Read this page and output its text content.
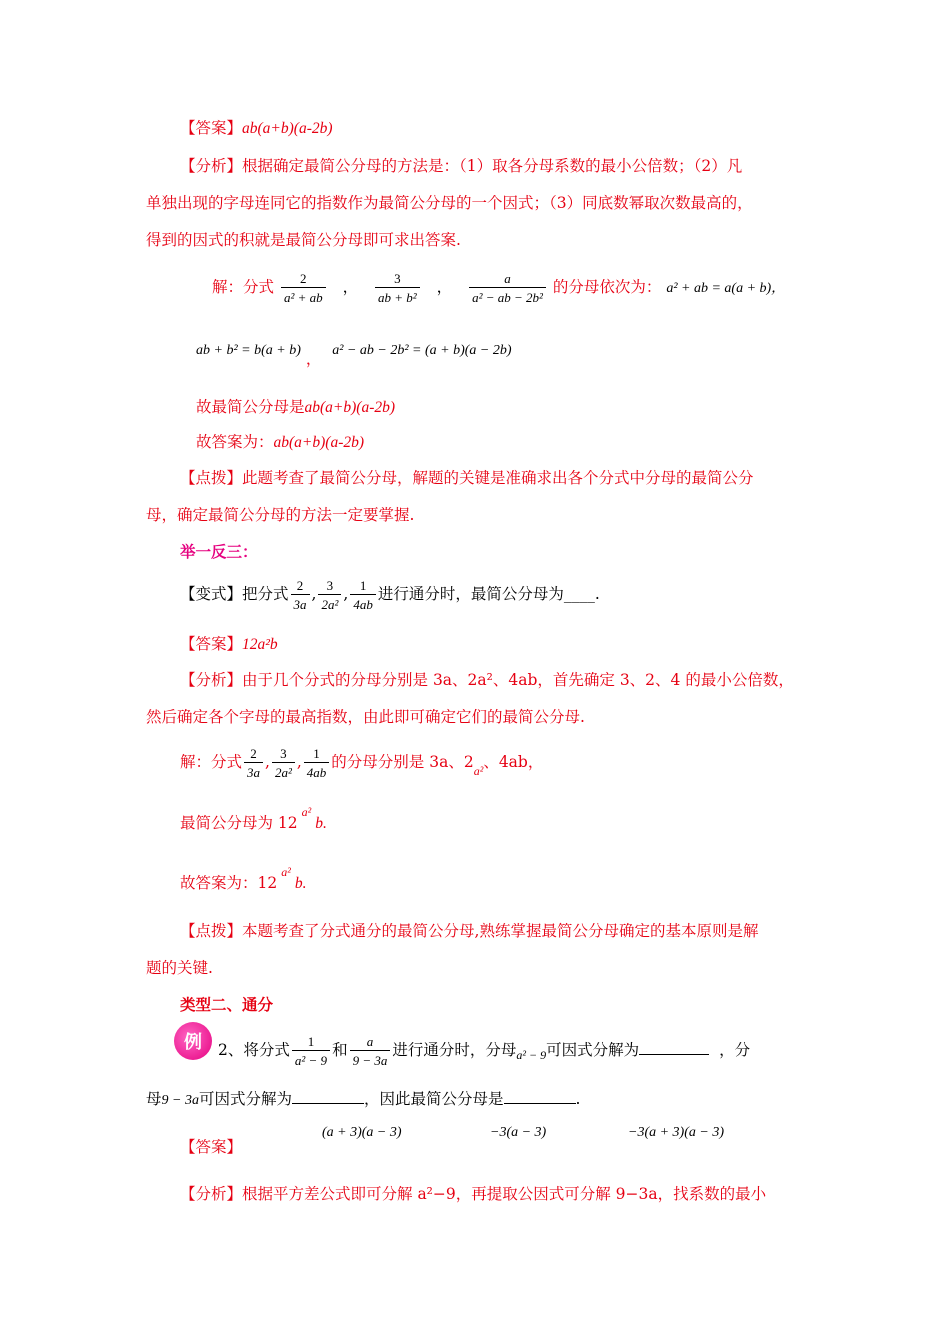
【答案】ab(a+b)(a-2b)
【分析】根据确定最简公分母的方法是：（1）取各分母系数的最小公倍数；（2）凡
单独出现的字母连同它的指数作为最简公分母的一个因式；（3）同底数幂取次数最高的，
得到的因式的积就是最简公分母即可求出答案.
解：分式 $\frac{2}{\text{a² + ab}}$ ， $\frac{3}{\text{ab + b²}}$ ， $\frac{a}{\text{a² − ab − 2b²}}$ 的分母依次为： a² + ab = a(a + b)，
ab + b² = b(a + b) ， a² − ab − 2b² = (a + b)(a − 2b)
故最简公分母是ab(a+b)(a-2b)
故答案为：ab(a+b)(a-2b)
【点拨】此题考查了最简公分母，解题的关键是准确求出各个分式中分母的最简公分
母，确定最简公分母的方法一定要掌握.
举一反三：
【变式】把分式 $\frac{2}{3a}$ , $\frac{3}{\text{2a²}}$ , $\frac{1}{4ab}$ 进行通分时，最简公分母为____.
【答案】12a²b
【分析】由于几个分式的分母分别是 3a、2a²、4ab，首先确定 3、2、4 的最小公倍数，
然后确定各个字母的最高指数，由此即可确定它们的最简公分母.
解：分式 $\frac{2}{3a}$ , $\frac{3}{\text{2a²}}$ , $\frac{1}{4ab}$ 的分母分别是 3a、$2_{a^2}$、4ab，
最简公分母为 $12^{a^2}b$.
故答案为：$12^{a^2}b$.
【点拨】本题考查了分式通分的最简公分母,熟练掌握最简公分母确定的基本原则是解
题的关键.
类型二、通分
例	2、将分式 $\frac{1}{\text{a² − 9}}$ 和 $\frac{a}{9 - 3a}$ 进行通分时，分母$_{a^2 - 9}$可因式分解为	，分
母9 − 3a可因式分解为	，因此最简公分母是	.
(a + 3)(a − 3)	−3(a − 3)	−3(a + 3)(a − 3)
【答案】
【分析】根据平方差公式即可分解 a²−9，再提取公因式可分解 9−3a，找系数的最小
